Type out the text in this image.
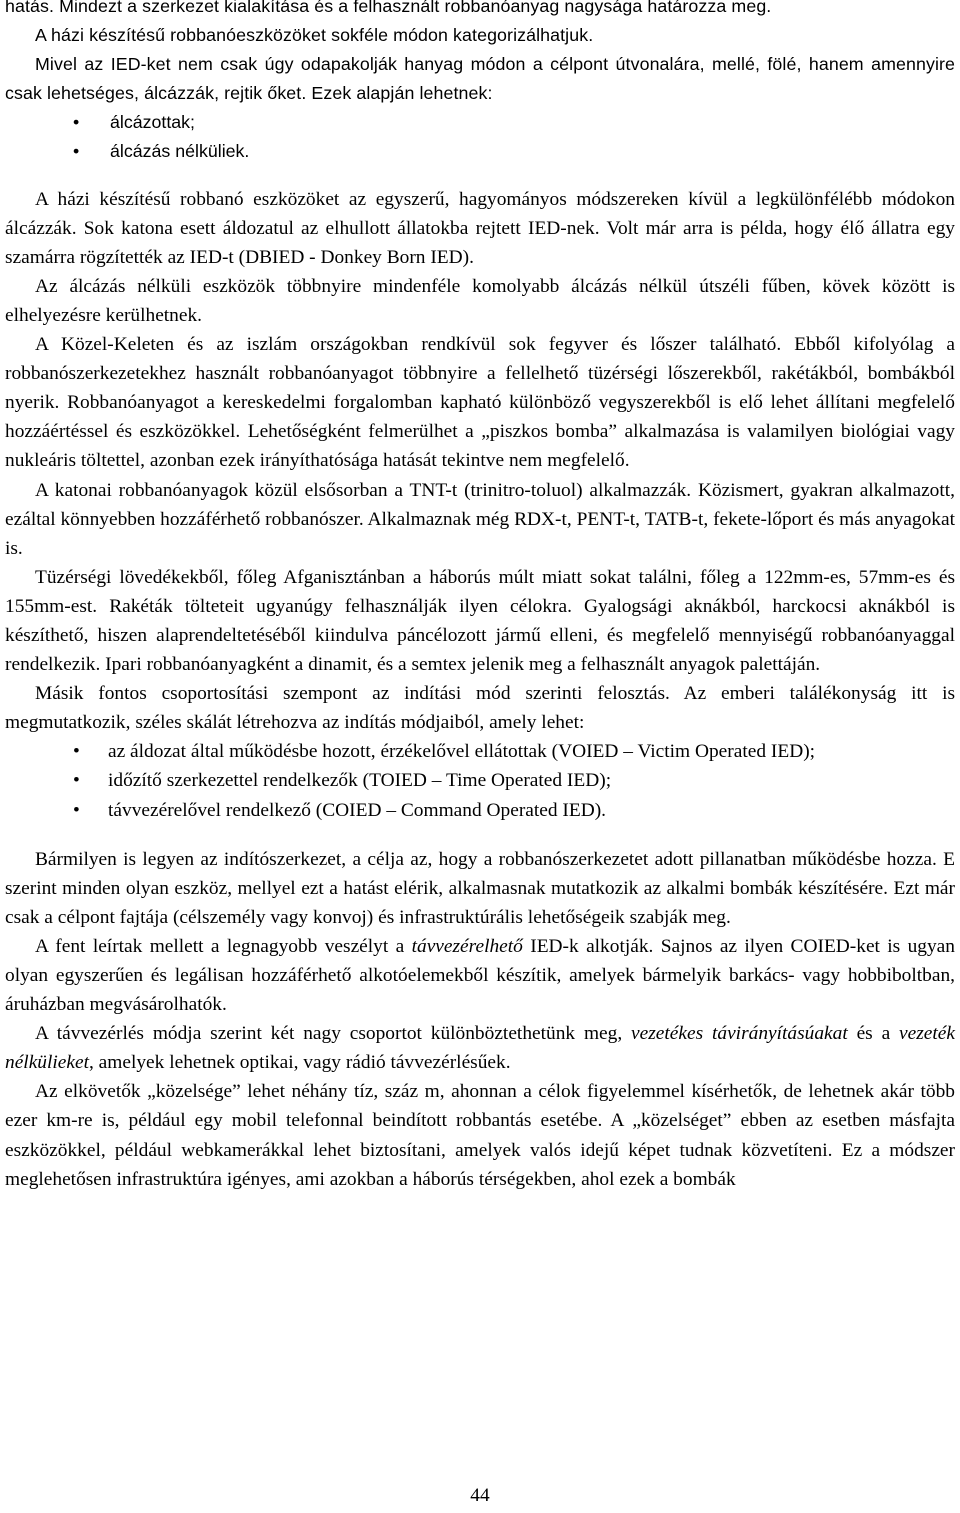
hatás. Mindezt a szerkezet kialakítása és a felhasznált robbanóanyag nagysága határozza meg.

A házi készítésű robbanóeszközöket sokféle módon kategorizálhatjuk.

Mivel az IED-ket nem csak úgy odapakolják hanyag módon a célpont útvonalára, mellé, fölé, hanem amennyire csak lehetséges, álcázzák, rejtik őket. Ezek alapján lehetnek:

• álcázottak;
• álcázás nélküliek.

A házi készítésű robbanó eszközöket az egyszerű, hagyományos módszereken kívül a legkülönfélébb módokon álcázzák. Sok katona esett áldozatul az elhullott állatokba rejtett IED-nek. Volt már arra is példa, hogy élő állatra egy szamárra rögzítették az IED-t (DBIED - Donkey Born IED).

Az álcázás nélküli eszközök többnyire mindenféle komolyabb álcázás nélkül útszéli fűben, kövek között is elhelyezésre kerülhetnek.

A Közel-Keleten és az iszlám országokban rendkívül sok fegyver és lőszer található. Ebből kifolyólag a robbanószerkezetekhez használt robbanóanyagot többnyire a fellelhető tüzérségi lőszerekből, rakétákból, bombákból nyerik. Robbanóanyagot a kereskedelmi forgalomban kapható különböző vegyszerekből is elő lehet állítani megfelelő hozzáértéssel és eszközökkel. Lehetőségként felmerülhet a „piszkos bomba” alkalmazása is valamilyen biológiai vagy nukleáris töltettel, azonban ezek irányíthatósága hatását tekintve nem megfelelő.

A katonai robbanóanyagok közül elsősorban a TNT-t (trinitro-toluol) alkalmazzák. Közismert, gyakran alkalmazott, ezáltal könnyebben hozzáférhető robbanószer. Alkalmaznak még RDX-t, PENT-t, TATB-t, fekete-lőport és más anyagokat is.

Tüzérségi lövedékekből, főleg Afganisztánban a háborús múlt miatt sokat találni, főleg a 122mm-es, 57mm-es és 155mm-est. Rakéták tölteteit ugyanúgy felhasználják ilyen célokra. Gyalogsági aknákból, harckocsi aknákból is készíthető, hiszen alaprendeltetéséből kiindulva páncélozott jármű elleni, és megfelelő mennyiségű robbanóanyaggal rendelkezik. Ipari robbanóanyagként a dinamit, és a semtex jelenik meg a felhasznált anyagok palettáján.

Másik fontos csoportosítási szempont az indítási mód szerinti felosztás. Az emberi találékonyság itt is megmutatkozik, széles skálát létrehozva az indítás módjaiból, amely lehet:

• az áldozat által működésbe hozott, érzékelővel ellátottak (VOIED – Victim Operated IED);
• időzítő szerkezettel rendelkezők (TOIED – Time Operated IED);
• távvezérelővel rendelkező (COIED – Command Operated IED).

Bármilyen is legyen az indítószerkezet, a célja az, hogy a robbanószerkezetet adott pillanatban működésbe hozza. E szerint minden olyan eszköz, mellyel ezt a hatást elérik, alkalmasnak mutatkozik az alkalmi bombák készítésére. Ezt már csak a célpont fajtája (célszemély vagy konvoj) és infrastruktúrális lehetőségeik szabják meg.

A fent leírtak mellett a legnagyobb veszélyt a távvezérelhető IED-k alkotják. Sajnos az ilyen COIED-ket is ugyan olyan egyszerűen és legálisan hozzáférhető alkotóelemekből készítik, amelyek bármelyik barkács- vagy hobbiboltban, áruházban megvásárolhatók.

A távvezérlés módja szerint két nagy csoportot különböztethetünk meg, vezetékes távirányításúakat és a vezeték nélkülieket, amelyek lehetnek optikai, vagy rádió távvezérlésűek.

Az elkövetők „közelsége” lehet néhány tíz, száz m, ahonnan a célok figyelemmel kísérhetők, de lehetnek akár több ezer km-re is, például egy mobil telefonnal beindított robbantás esetébe. A „közelséget” ebben az esetben másfajta eszközökkel, például webkamerákkal lehet biztosítani, amelyek valós idejű képet tudnak közvetíteni. Ez a módszer meglehetősen infrastruktúra igényes, ami azokban a háborús térségekben, ahol ezek a bombák

44
